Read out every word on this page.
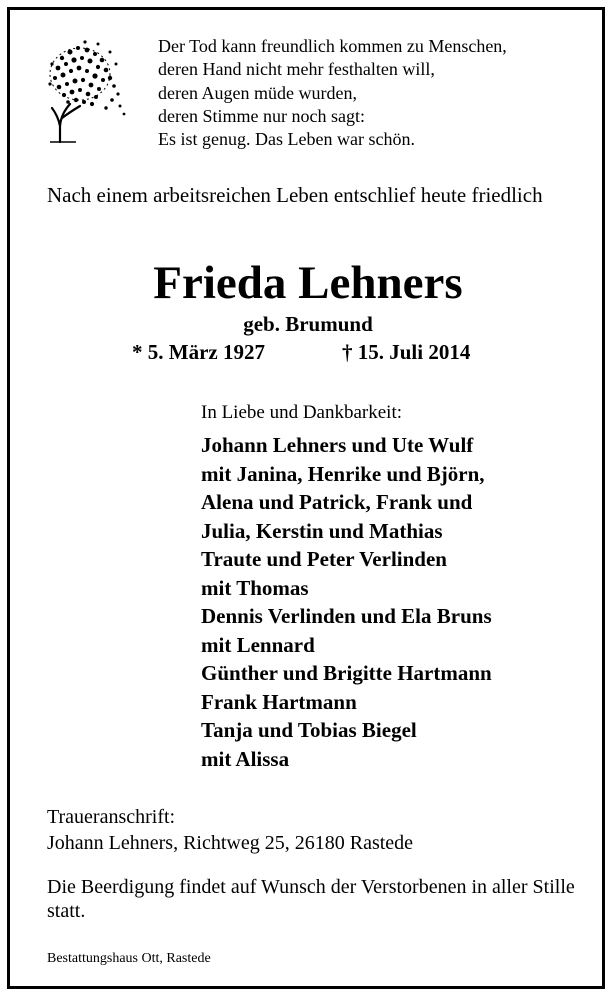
Der Tod kann freundlich kommen zu Menschen,
deren Hand nicht mehr festhalten will,
deren Augen müde wurden,
deren Stimme nur noch sagt:
Es ist genug. Das Leben war schön.
Nach einem arbeitsreichen Leben entschlief heute friedlich
Frieda Lehners
geb. Brumund
* 5. März 1927	† 15. Juli 2014
In Liebe und Dankbarkeit:
Johann Lehners und Ute Wulf
mit Janina, Henrike und Björn,
Alena und Patrick, Frank und
Julia, Kerstin und Mathias
Traute und Peter Verlinden
mit Thomas
Dennis Verlinden und Ela Bruns
mit Lennard
Günther und Brigitte Hartmann
Frank Hartmann
Tanja und Tobias Biegel
mit Alissa
Traueranschrift:
Johann Lehners, Richtweg 25, 26180 Rastede
Die Beerdigung findet auf Wunsch der Verstorbenen in aller Stille statt.
Bestattungshaus Ott, Rastede
